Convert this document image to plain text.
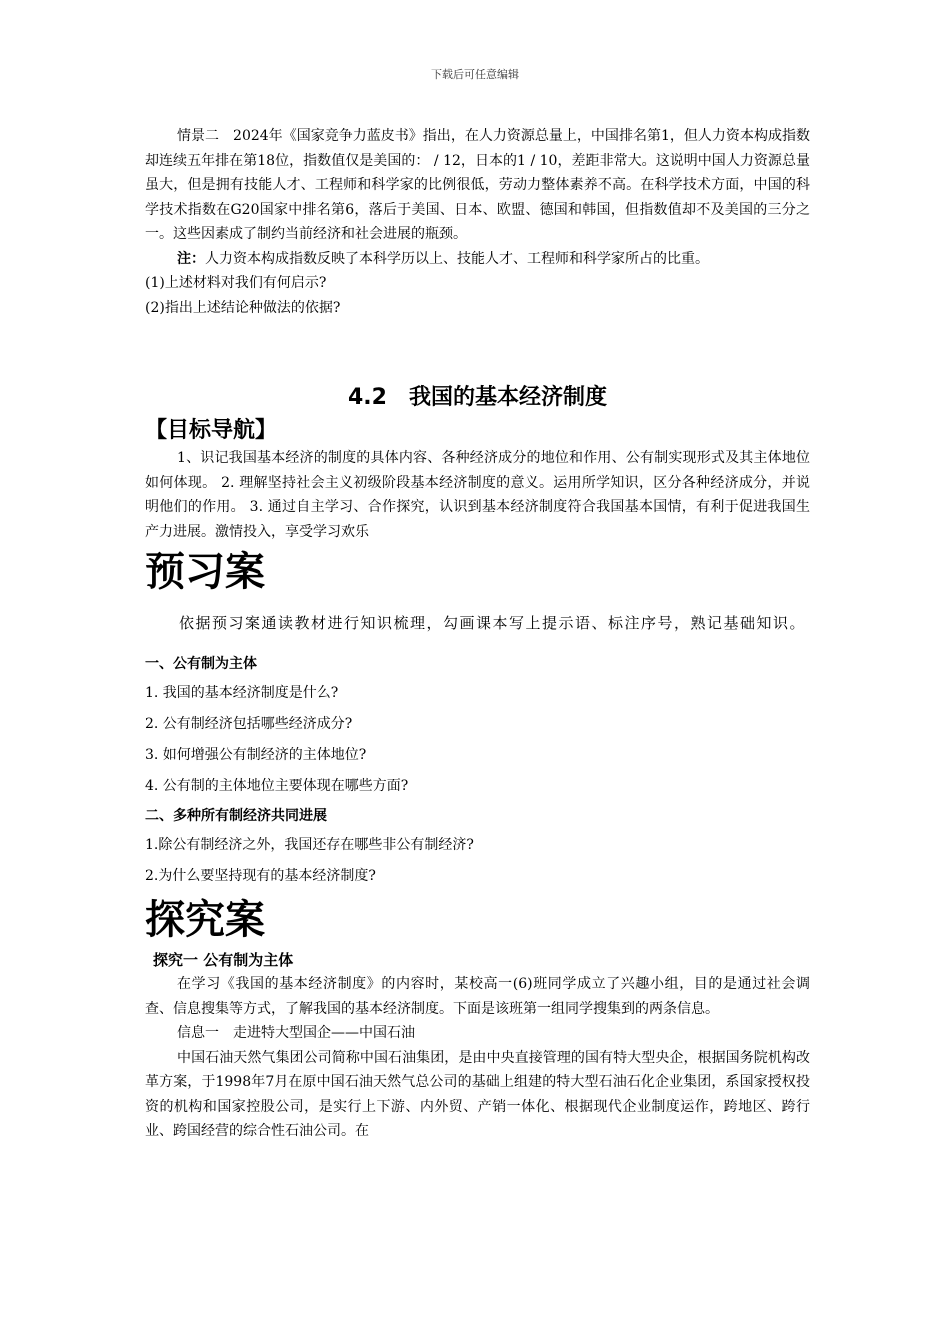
下载后可任意编辑

情景二　2024年《国家竞争力蓝皮书》指出，在人力资源总量上，中国排名第1，但人力资本构成指数却连续五年排在第18位，指数值仅是美国的： / 12，日本的1 / 10，差距非常大。这说明中国人力资源总量虽大，但是拥有技能人才、工程师和科学家的比例很低，劳动力整体素养不高。在科学技术方面，中国的科学技术指数在G20国家中排名第6，落后于美国、日本、欧盟、德国和韩国，但指数值却不及美国的三分之一。这些因素成了制约当前经济和社会进展的瓶颈。

注：人力资本构成指数反映了本科学历以上、技能人才、工程师和科学家所占的比重。

(1)上述材料对我们有何启示?

(2)指出上述结论种做法的依据?

4.2　我国的基本经济制度
【目标导航】

1、识记我国基本经济的制度的具体内容、各种经济成分的地位和作用、公有制实现形式及其主体地位如何体现。 2. 理解坚持社会主义初级阶段基本经济制度的意义。运用所学知识，区分各种经济成分，并说明他们的作用。 3. 通过自主学习、合作探究，认识到基本经济制度符合我国基本国情，有利于促进我国生产力进展。激情投入，享受学习欢乐

预习案

依据预习案通读教材进行知识梳理，勾画课本写上提示语、标注序号，熟记基础知识。

一、公有制为主体

1. 我国的基本经济制度是什么?

2. 公有制经济包括哪些经济成分?

3. 如何增强公有制经济的主体地位?

4. 公有制的主体地位主要体现在哪些方面?

二、多种所有制经济共同进展

1.除公有制经济之外，我国还存在哪些非公有制经济?

2.为什么要坚持现有的基本经济制度?

探究案
探究一 公有制为主体

在学习《我国的基本经济制度》的内容时，某校高一(6)班同学成立了兴趣小组，目的是通过社会调查、信息搜集等方式，了解我国的基本经济制度。下面是该班第一组同学搜集到的两条信息。

信息一　走进特大型国企——中国石油

中国石油天然气集团公司简称中国石油集团，是由中央直接管理的国有特大型央企，根据国务院机构改革方案，于1998年7月在原中国石油天然气总公司的基础上组建的特大型石油石化企业集团，系国家授权投资的机构和国家控股公司，是实行上下游、内外贸、产销一体化、根据现代企业制度运作，跨地区、跨行业、跨国经营的综合性石油公司。在
